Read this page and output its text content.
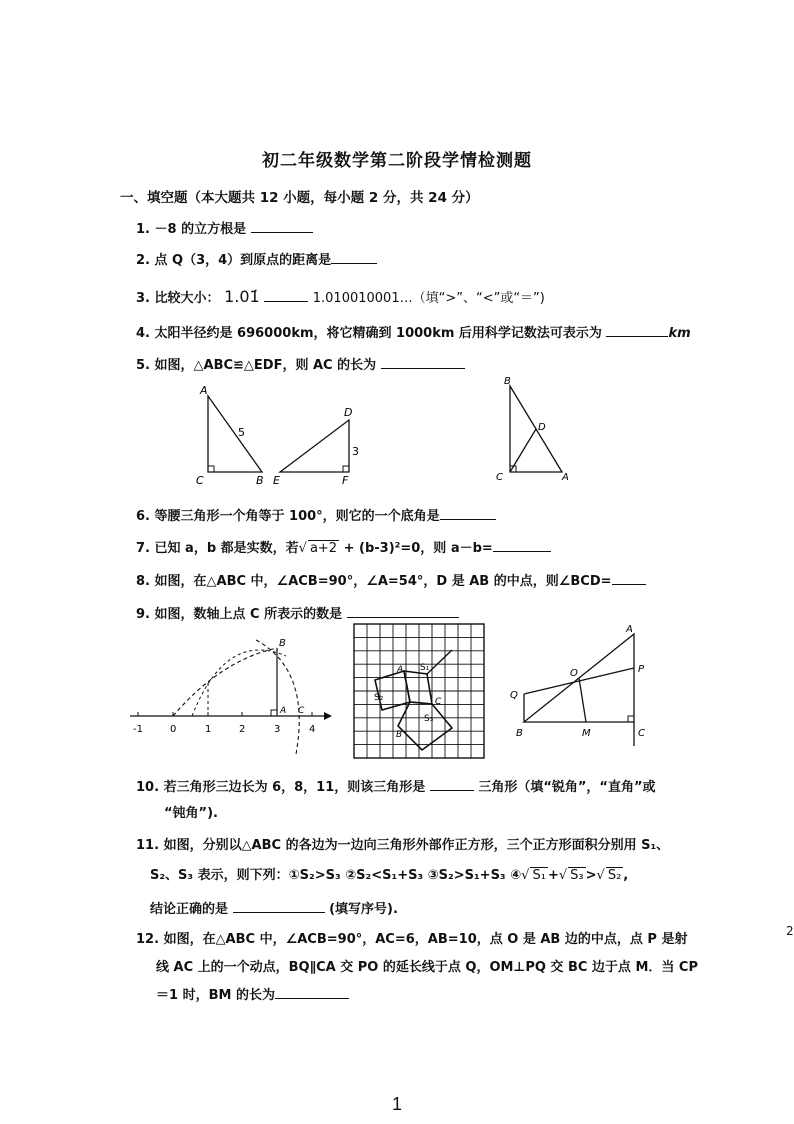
初二年级数学第二阶段学情检测题
一、填空题（本大题共 12 小题，每小题 2 分，共 24 分）
1. －8 的立方根是
2. 点 Q（3，4）到原点的距离是
3. 比较大小： 1.01̇	1.010010001…（填“>”、“<”或“＝”)
4. 太阳半径约是 696000km，将它精确到 1000km 后用科学记数法可表示为	km
5. 如图，△ABC≌△EDF，则 AC 的长为
A
C	B
5
E
D
F
3
B
D
C	A
6. 等腰三角形一个角等于 100°，则它的一个底角是
7. 已知 a，b 都是实数，若√ a+2 + (b-3)²=0，则 a－b=
8. 如图，在△ABC 中，∠ACB=90°，∠A=54°，D 是 AB 的中点，则∠BCD=
9. 如图，数轴上点 C 所表示的数是
-1	0	1	2	3	4
B
A C
A
C
B
S₁
S₂
S₃
A
P
O
Q
B	M	C
10. 若三角形三边长为 6，8，11，则该三角形是	三角形（填“锐角”，“直角”或
“钝角”).
11. 如图，分别以△ABC 的各边为一边向三角形外部作正方形，三个正方形面积分别用 S₁、
S₂、S₃ 表示，则下列：①S₂>S₃ ②S₂<S₁+S₃ ③S₂>S₁+S₃ ④√ S₁ +√ S₃ >√ S₂ ,
结论正确的是	(填写序号).
12. 如图，在△ABC 中，∠ACB=90°，AC=6，AB=10，点 O 是 AB 边的中点，点 P 是射
线 AC 上的一个动点，BQ∥CA 交 PO 的延长线于点 Q，OM⊥PQ 交 BC 边于点 M．当 CP
＝1 时，BM 的长为
2
1
